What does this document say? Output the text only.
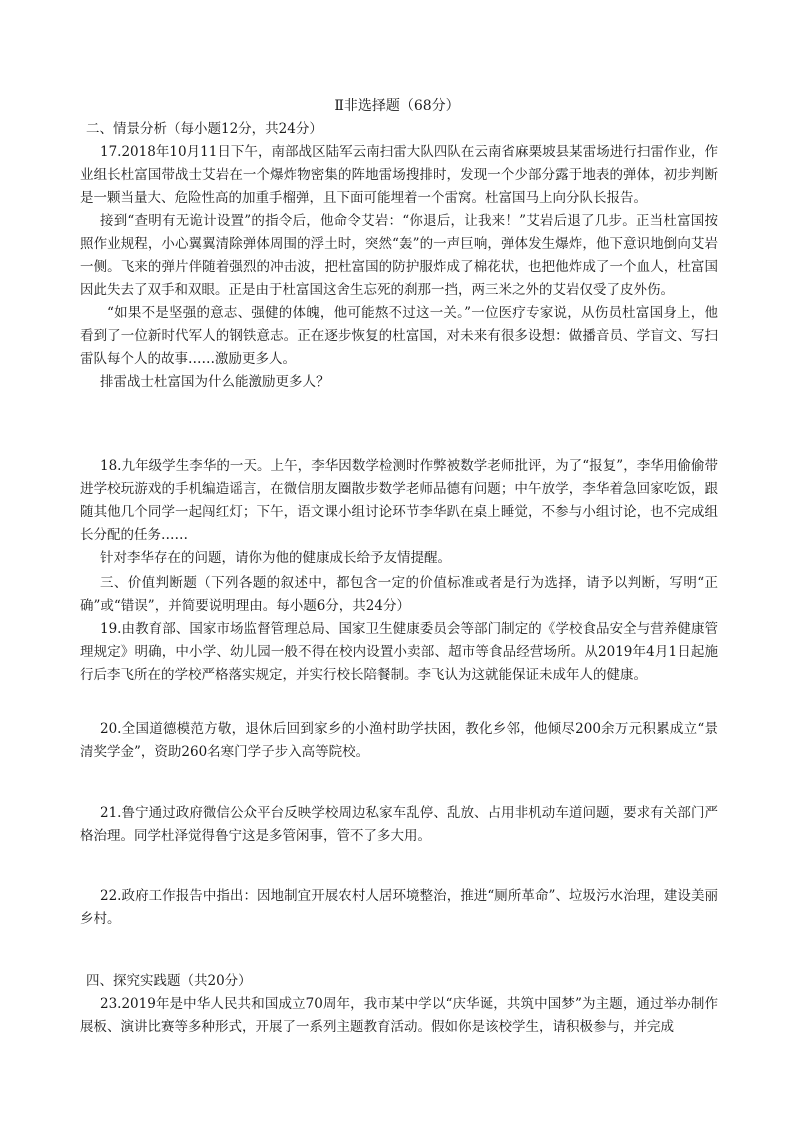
Ⅱ非选择题（68分）

二、情景分析（每小题12分，共24分）

17.2018年10月11日下午，南部战区陆军云南扫雷大队四队在云南省麻栗坡县某雷场进行扫雷作业，作业组长杜富国带战士艾岩在一个爆炸物密集的阵地雷场搜排时，发现一个少部分露于地表的弹体，初步判断是一颗当量大、危险性高的加重手榴弹，且下面可能埋着一个雷窝。杜富国马上向分队长报告。

接到“查明有无诡计设置”的指令后，他命令艾岩：“你退后，让我来！”艾岩后退了几步。正当杜富国按照作业规程，小心翼翼清除弹体周围的浮土时，突然“轰”的一声巨响，弹体发生爆炸，他下意识地倒向艾岩一侧。飞来的弹片伴随着强烈的冲击波，把杜富国的防护服炸成了棉花状，也把他炸成了一个血人，杜富国因此失去了双手和双眼。正是由于杜富国这舍生忘死的刹那一挡，两三米之外的艾岩仅受了皮外伤。

“如果不是坚强的意志、强健的体魄，他可能熬不过这一关。”一位医疗专家说，从伤员杜富国身上，他看到了一位新时代军人的钢铁意志。正在逐步恢复的杜富国，对未来有很多设想：做播音员、学盲文、写扫雷队每个人的故事……激励更多人。

排雷战士杜富国为什么能激励更多人？

18.九年级学生李华的一天。上午，李华因数学检测时作弊被数学老师批评，为了“报复”，李华用偷偷带进学校玩游戏的手机编造谣言，在微信朋友圈散步数学老师品德有问题；中午放学，李华着急回家吃饭，跟随其他几个同学一起闯红灯；下午，语文课小组讨论环节李华趴在桌上睡觉，不参与小组讨论，也不完成组长分配的任务……

针对李华存在的问题，请你为他的健康成长给予友情提醒。

三、价值判断题（下列各题的叙述中，都包含一定的价值标准或者是行为选择，请予以判断，写明“正确”或“错误”，并简要说明理由。每小题6分，共24分）

19.由教育部、国家市场监督管理总局、国家卫生健康委员会等部门制定的《学校食品安全与营养健康管理规定》明确，中小学、幼儿园一般不得在校内设置小卖部、超市等食品经营场所。从2019年4月1日起施行后李飞所在的学校严格落实规定，并实行校长陪餐制。李飞认为这就能保证未成年人的健康。

20.全国道德模范方敬，退休后回到家乡的小渔村助学扶困，教化乡邻，他倾尽200余万元积累成立“景清奖学金”，资助260名寒门学子步入高等院校。

21.鲁宁通过政府微信公众平台反映学校周边私家车乱停、乱放、占用非机动车道问题，要求有关部门严格治理。同学杜泽觉得鲁宁这是多管闲事，管不了多大用。

22.政府工作报告中指出：因地制宜开展农村人居环境整治，推进“厕所革命”、垃圾污水治理，建设美丽乡村。

四、探究实践题（共20分）

23.2019年是中华人民共和国成立70周年，我市某中学以“庆华诞，共筑中国梦”为主题，通过举办制作展板、演讲比赛等多种形式，开展了一系列主题教育活动。假如你是该校学生，请积极参与，并完成
